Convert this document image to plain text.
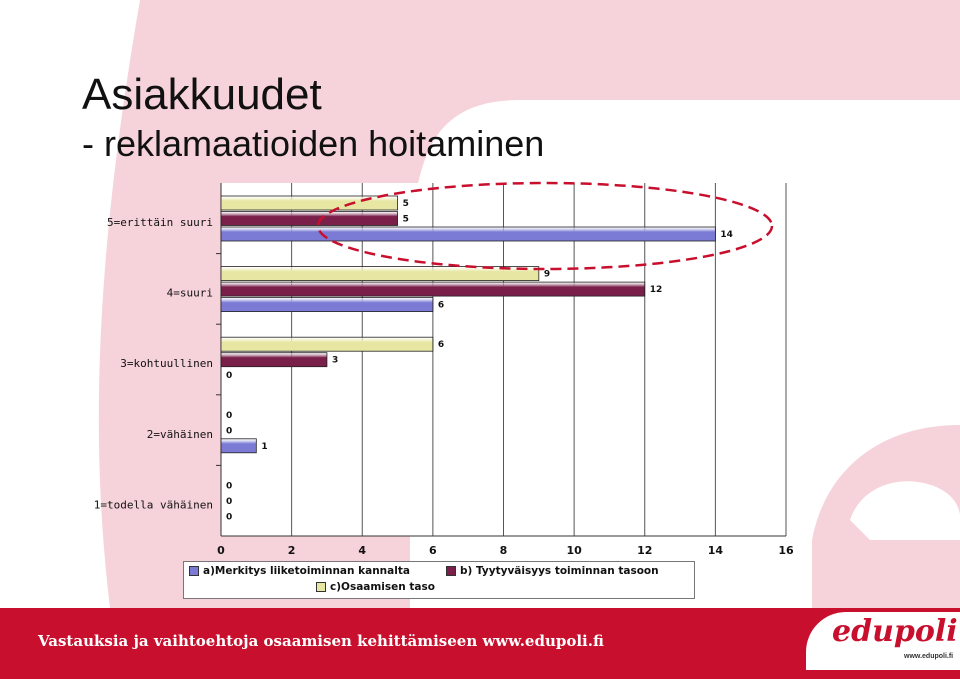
Asiakkuudet
- reklamaatioiden hoitaminen
0	2	4	6	8	10	12	14	16
5
5
14
5=erittäin suuri
9
12
6
4=suuri
6
3
0
3=kohtuullinen
0
0
1
2=vähäinen
0
0
0
1=todella vähäinen
a)Merkitys liiketoiminnan kannalta	b) Tyytyväisyys toiminnan tasoon
c)Osaamisen taso
Vastauksia ja vaihtoehtoja osaamisen kehittämiseen www.edupoli.fi	edupoli
www.edupoli.fi
